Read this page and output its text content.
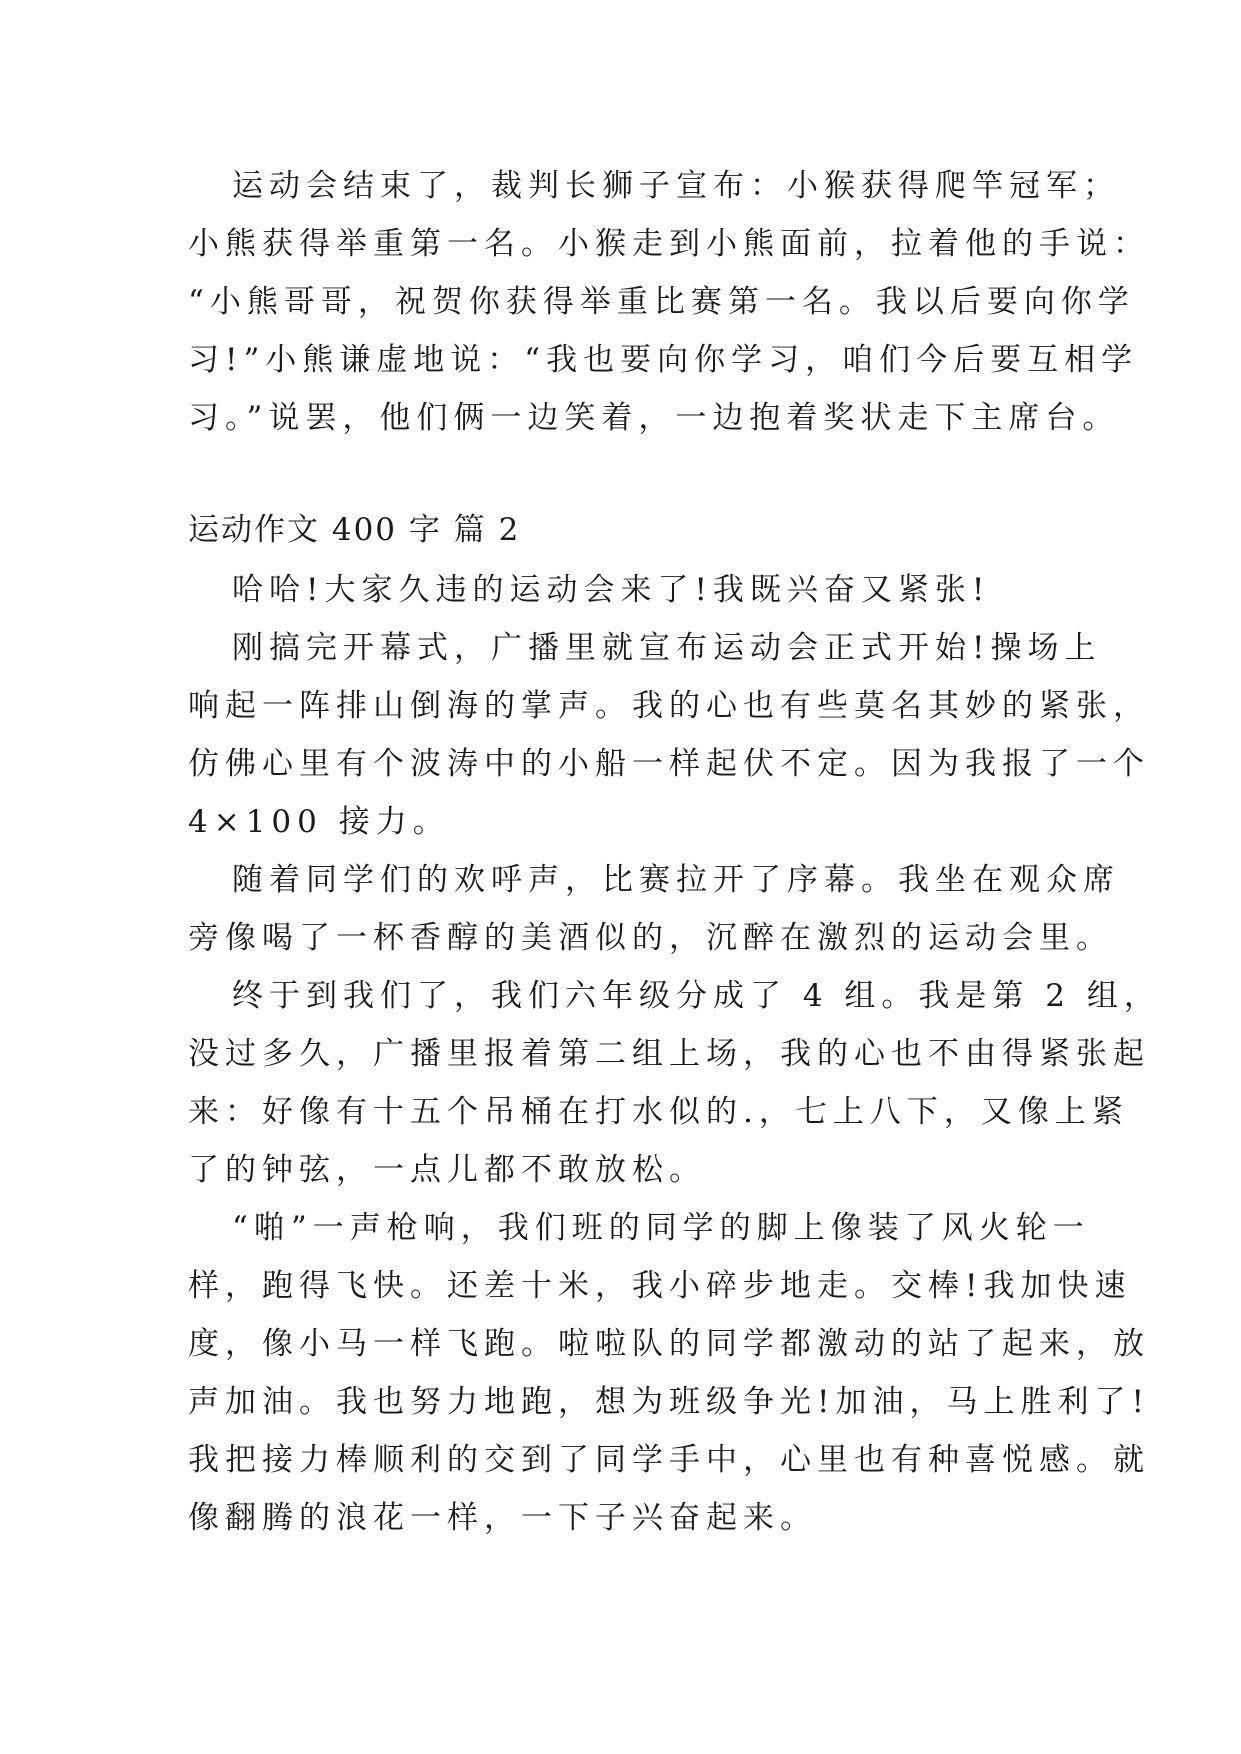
运动会结束了，裁判长狮子宣布：小猴获得爬竿冠军；

小熊获得举重第一名。小猴走到小熊面前，拉着他的手说：

“小熊哥哥，祝贺你获得举重比赛第一名。我以后要向你学

习!”小熊谦虚地说：“我也要向你学习，咱们今后要互相学

习。”说罢，他们俩一边笑着，一边抱着奖状走下主席台。

运动作文 400 字 篇 2

哈哈!大家久违的运动会来了!我既兴奋又紧张!

刚搞完开幕式，广播里就宣布运动会正式开始!操场上

响起一阵排山倒海的掌声。我的心也有些莫名其妙的紧张，

仿佛心里有个波涛中的小船一样起伏不定。因为我报了一个

4×100 接力。

随着同学们的欢呼声，比赛拉开了序幕。我坐在观众席

旁像喝了一杯香醇的美酒似的，沉醉在激烈的运动会里。

终于到我们了，我们六年级分成了 4 组。我是第 2 组，

没过多久，广播里报着第二组上场，我的心也不由得紧张起

来：好像有十五个吊桶在打水似的.，七上八下，又像上紧

了的钟弦，一点儿都不敢放松。

“啪”一声枪响，我们班的同学的脚上像装了风火轮一

样，跑得飞快。还差十米，我小碎步地走。交棒!我加快速

度，像小马一样飞跑。啦啦队的同学都激动的站了起来，放

声加油。我也努力地跑，想为班级争光!加油，马上胜利了!

我把接力棒顺利的交到了同学手中，心里也有种喜悦感。就

像翻腾的浪花一样，一下子兴奋起来。
